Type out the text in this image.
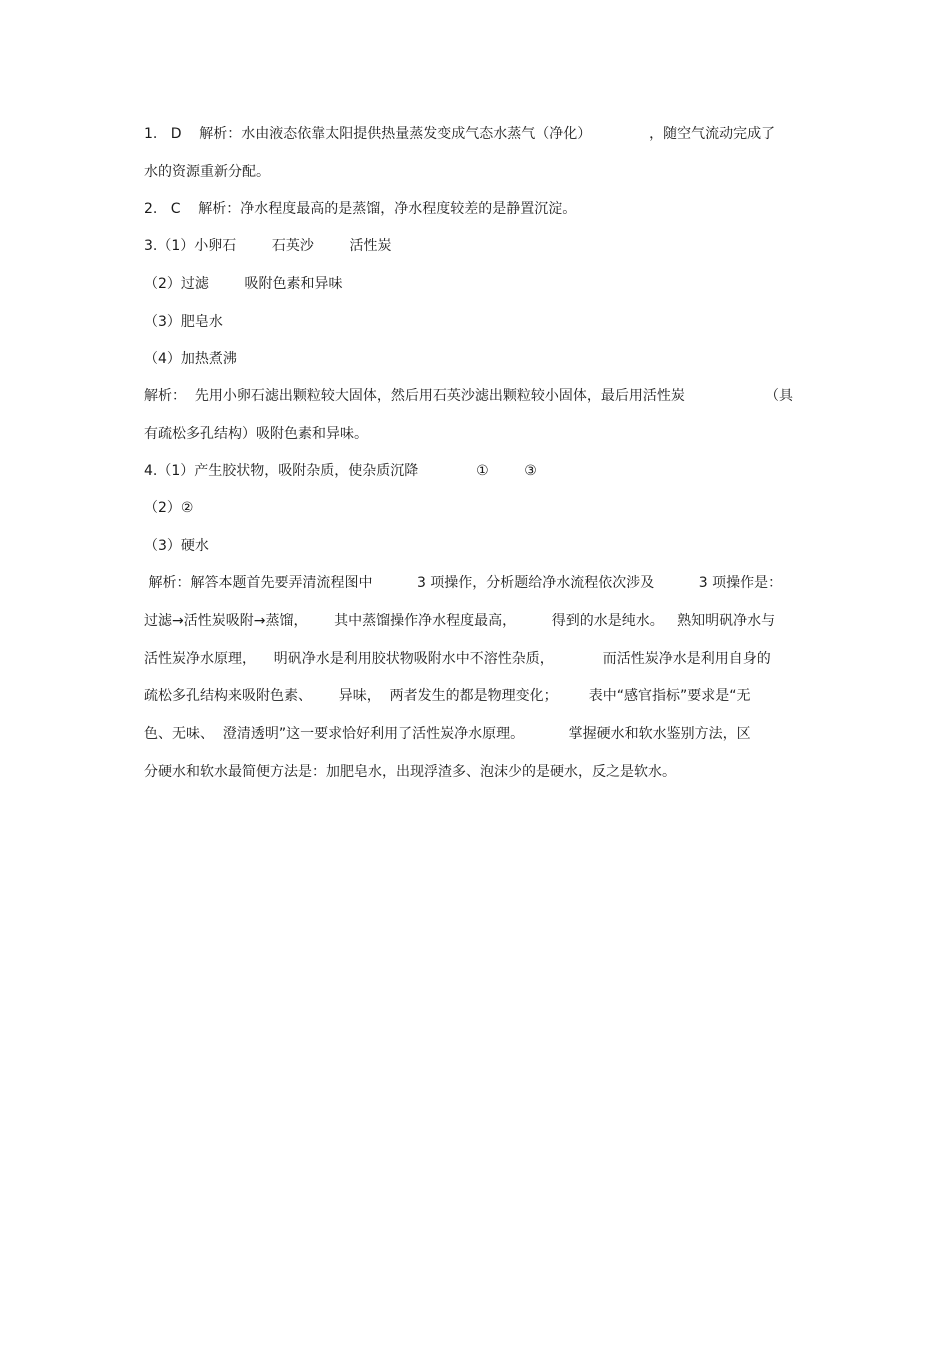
1.   D    解析：水由液态依靠太阳提供热量蒸发变成气态水蒸气（净化）             ，随空气流动完成了
水的资源重新分配。
2.   C    解析：净水程度最高的是蒸馏，净水程度较差的是静置沉淀。
3.（1）小卵石        石英沙        活性炭
（2）过滤        吸附色素和异味
（3）肥皂水
（4）加热煮沸
解析：  先用小卵石滤出颗粒较大固体，然后用石英沙滤出颗粒较小固体，最后用活性炭                  （具
有疏松多孔结构）吸附色素和异味。
4.（1）产生胶状物，吸附杂质，使杂质沉降             ①        ③
（2）②
（3）硬水
解析：解答本题首先要弄清流程图中          3 项操作，分析题给净水流程依次涉及          3 项操作是：
过滤→活性炭吸附→蒸馏，      其中蒸馏操作净水程度最高，        得到的水是纯水。   熟知明矾净水与
活性炭净水原理，    明矾净水是利用胶状物吸附水中不溶性杂质，           而活性炭净水是利用自身的
疏松多孔结构来吸附色素、      异味，  两者发生的都是物理变化；       表中“感官指标”要求是“无
色、无味、  澄清透明”这一要求恰好利用了活性炭净水原理。          掌握硬水和软水鉴别方法，区
分硬水和软水最简便方法是：加肥皂水，出现浮渣多、泡沫少的是硬水，反之是软水。
